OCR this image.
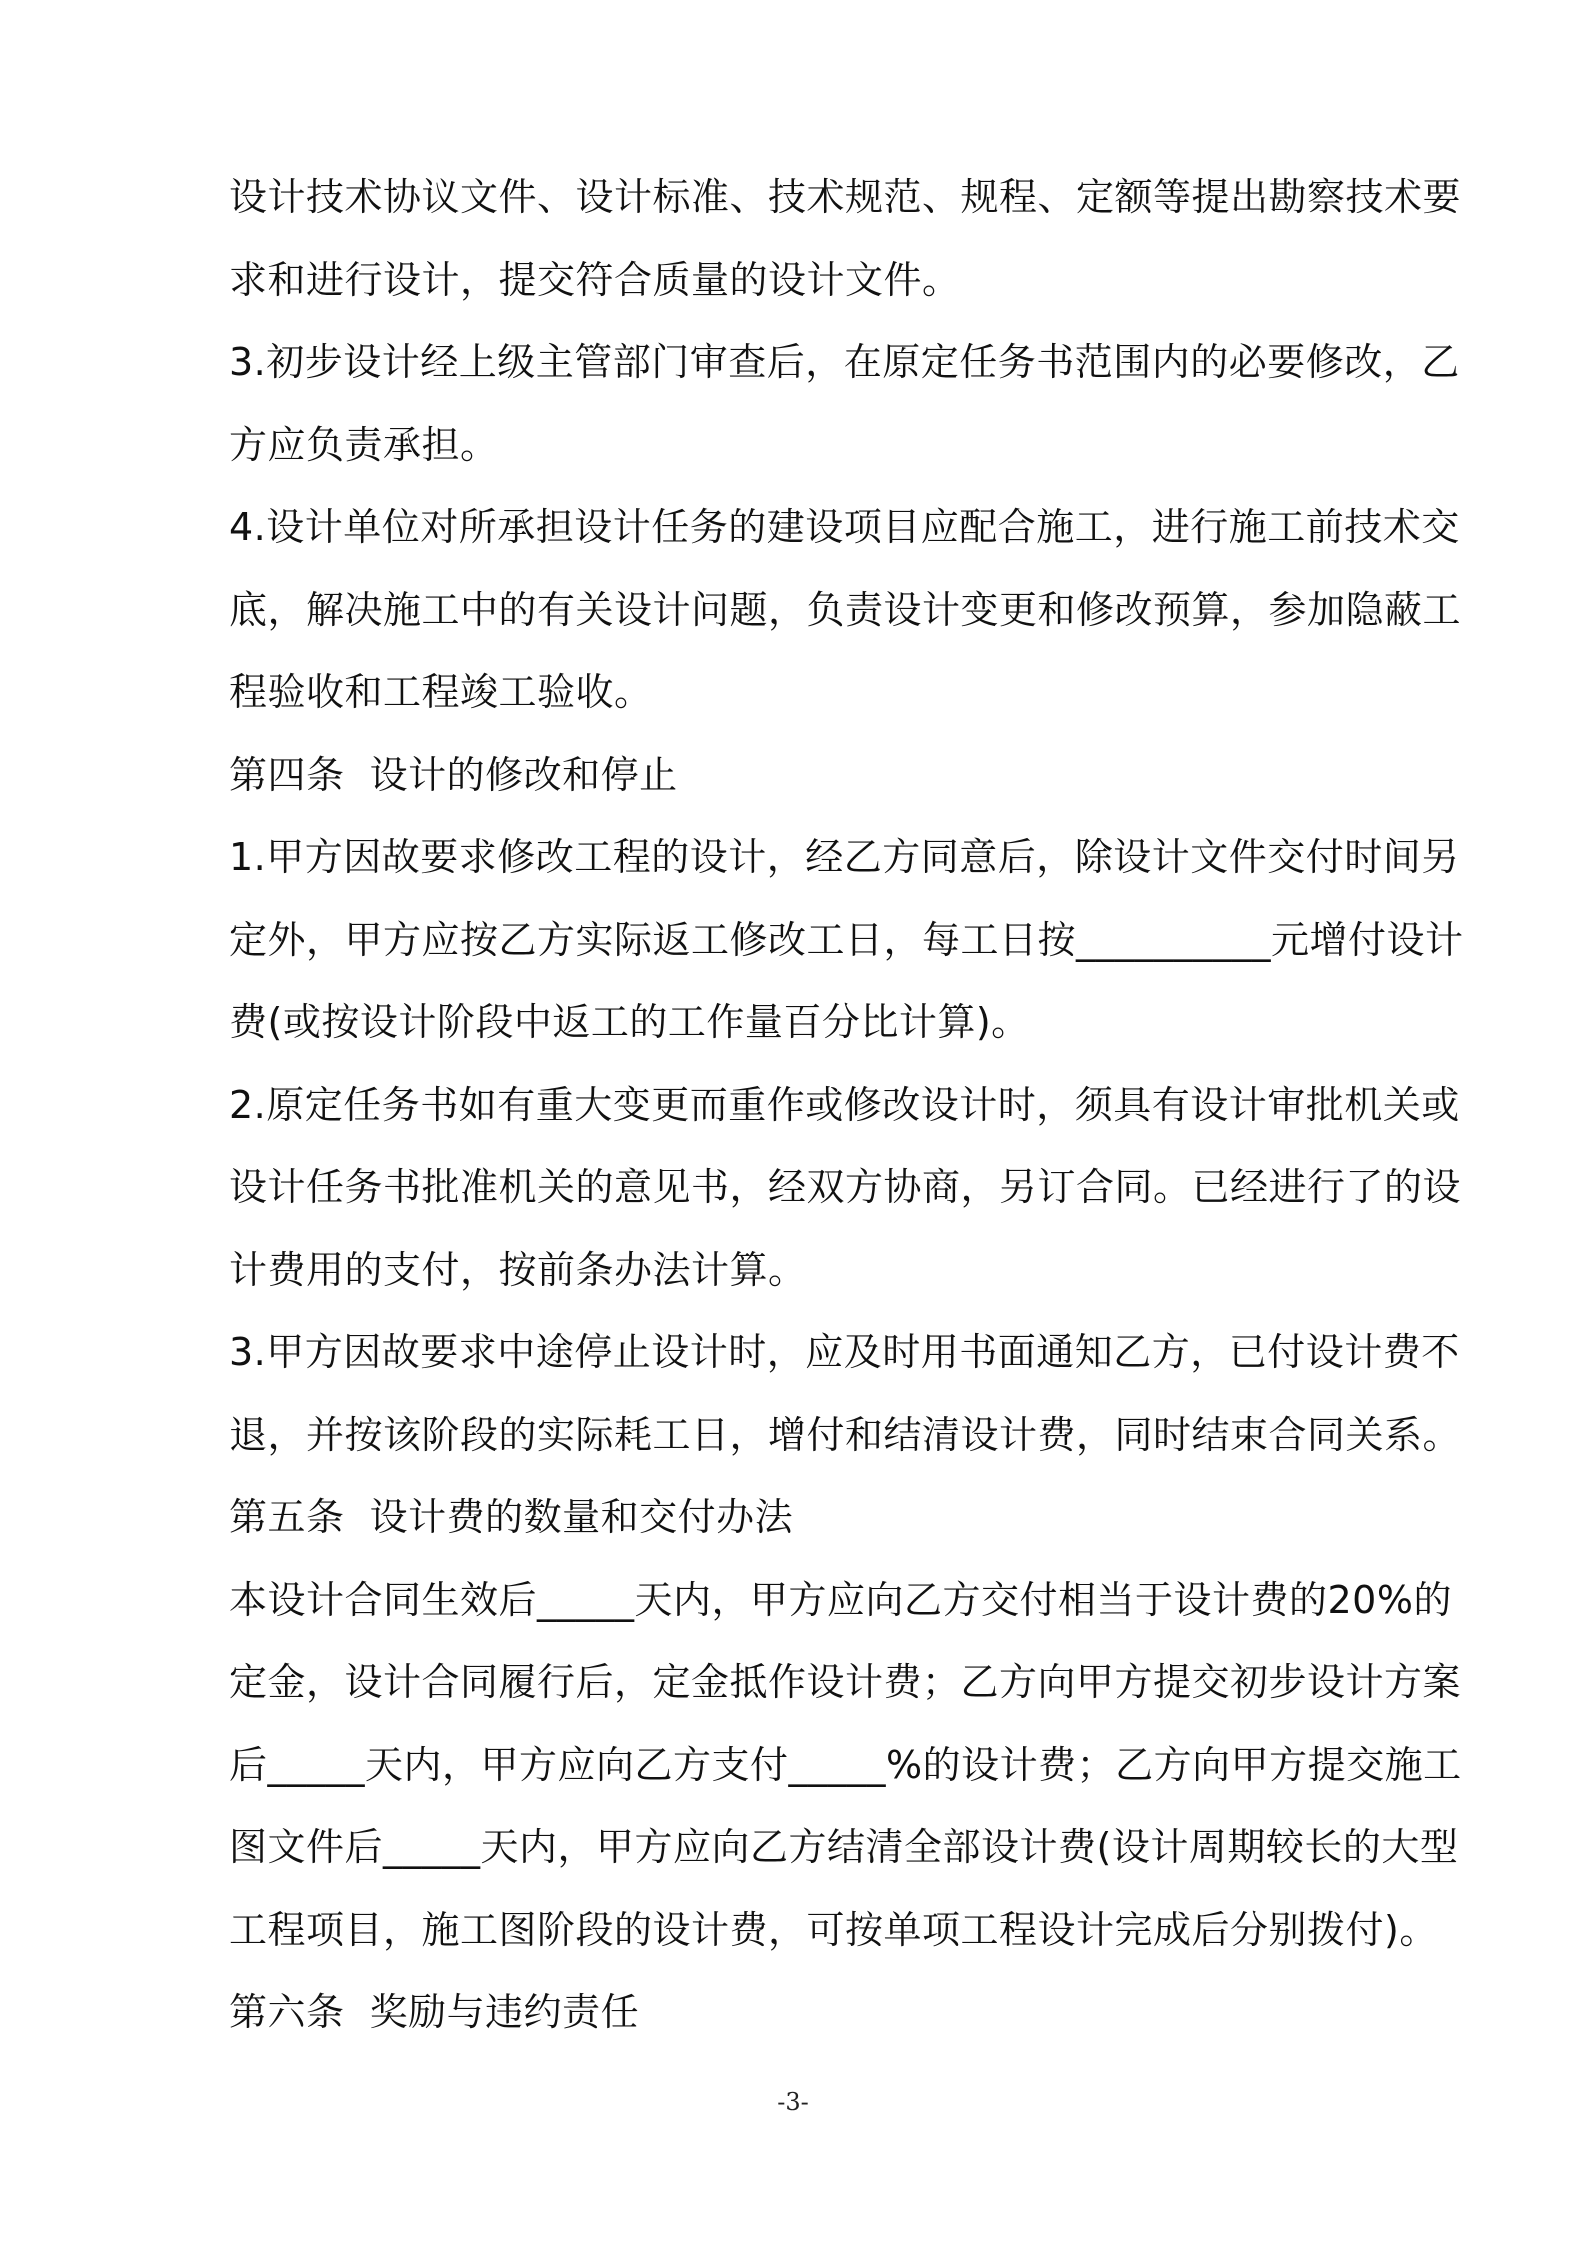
设计技术协议文件、设计标准、技术规范、规程、定额等提出勘察技术要
求和进行设计，提交符合质量的设计文件。
3.初步设计经上级主管部门审查后，在原定任务书范围内的必要修改，乙
方应负责承担。
4.设计单位对所承担设计任务的建设项目应配合施工，进行施工前技术交
底，解决施工中的有关设计问题，负责设计变更和修改预算，参加隐蔽工
程验收和工程竣工验收。
第四条  设计的修改和停止
1.甲方因故要求修改工程的设计，经乙方同意后，除设计文件交付时间另
定外，甲方应按乙方实际返工修改工日，每工日按__________元增付设计
费(或按设计阶段中返工的工作量百分比计算)。
2.原定任务书如有重大变更而重作或修改设计时，须具有设计审批机关或
设计任务书批准机关的意见书，经双方协商，另订合同。已经进行了的设
计费用的支付，按前条办法计算。
3.甲方因故要求中途停止设计时，应及时用书面通知乙方，已付设计费不
退，并按该阶段的实际耗工日，增付和结清设计费，同时结束合同关系。
第五条  设计费的数量和交付办法
本设计合同生效后_____天内，甲方应向乙方交付相当于设计费的20%的
定金，设计合同履行后，定金抵作设计费；乙方向甲方提交初步设计方案
后_____天内，甲方应向乙方支付_____%的设计费；乙方向甲方提交施工
图文件后_____天内，甲方应向乙方结清全部设计费(设计周期较长的大型
工程项目，施工图阶段的设计费，可按单项工程设计完成后分别拨付)。
第六条  奖励与违约责任
-3-
